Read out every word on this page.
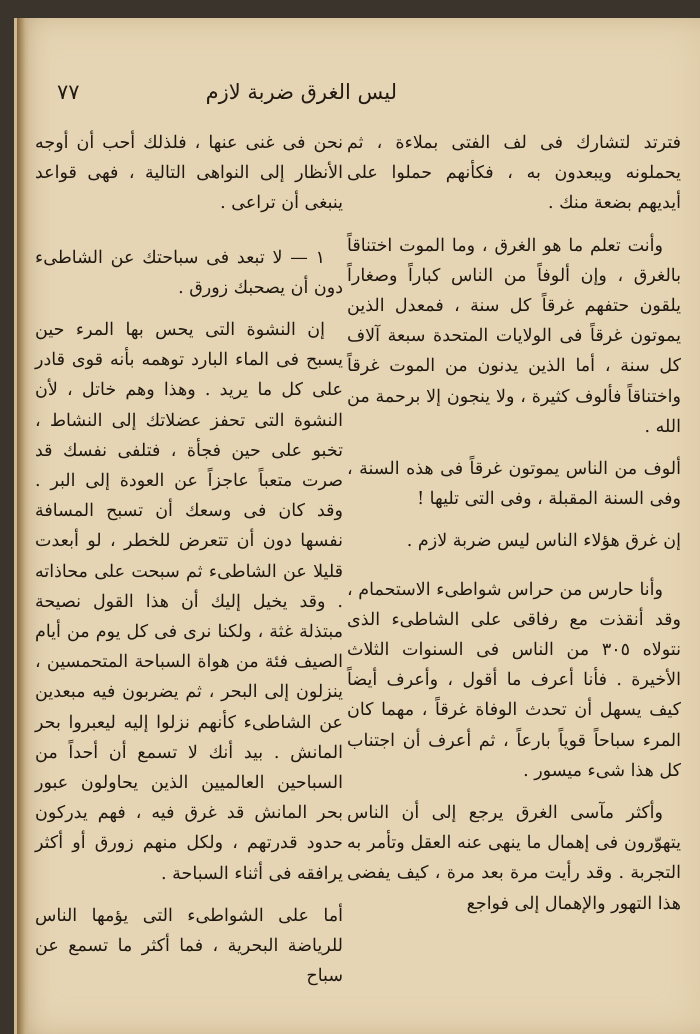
ليس الغرق ضربة لازم
٧٧

فترتد لتشارك فى لف الفتى بملاءة ، ثم يحملونه ويبعدون به ، فكأنهم حملوا على أيديهم بضعة منك .

وأنت تعلم ما هو الغرق ، وما الموت اختناقاً بالغرق ، وإن ألوفاً من الناس كباراً وصغاراً يلقون حتفهم غرقاً كل سنة ، فمعدل الذين يموتون غرقاً فى الولايات المتحدة سبعة آلاف كل سنة ، أما الذين يدنون من الموت غرقاً واختناقاً فألوف كثيرة ، ولا ينجون إلا برحمة من الله .

ألوف من الناس يموتون غرقاً فى هذه السنة ، وفى السنة المقبلة ، وفى التى تليها !

إن غرق هؤلاء الناس ليس ضربة لازم .

وأنا حارس من حراس شواطىء الاستحمام ، وقد أنقذت مع رفاقى على الشاطىء الذى نتولاه ٣٠٥ من الناس فى السنوات الثلاث الأخيرة . فأنا أعرف ما أقول ، وأعرف أيضاً كيف يسهل أن تحدث الوفاة غرقاً ، مهما كان المرء سباحاً قوياً بارعاً ، ثم أعرف أن اجتناب كل هذا شىء ميسور .

وأكثر مآسى الغرق يرجع إلى أن الناس يتهوّرون فى إهمال ما ينهى عنه العقل وتأمر به التجربة . وقد رأيت مرة بعد مرة ، كيف يفضى هذا التهور والإهمال إلى فواجع

نحن فى غنى عنها ، فلذلك أحب أن أوجه الأنظار إلى النواهى التالية ، فهى قواعد ينبغى أن تراعى .

١ — لا تبعد فى سباحتك عن الشاطىء دون أن يصحبك زورق .

إن النشوة التى يحس بها المرء حين يسبح فى الماء البارد توهمه بأنه قوى قادر على كل ما يريد . وهذا وهم خاتل ، لأن النشوة التى تحفز عضلاتك إلى النشاط ، تخبو على حين فجأة ، فتلفى نفسك قد صرت متعباً عاجزاً عن العودة إلى البر . وقد كان فى وسعك أن تسبح المسافة نفسها دون أن تتعرض للخطر ، لو أبعدت قليلا عن الشاطىء ثم سبحت على محاذاته . وقد يخيل إليك أن هذا القول نصيحة مبتذلة غثة ، ولكنا نرى فى كل يوم من أيام الصيف فئة من هواة السباحة المتحمسين ، ينزلون إلى البحر ، ثم يضربون فيه مبعدين عن الشاطىء كأنهم نزلوا إليه ليعبروا بحر المانش . بيد أنك لا تسمع أن أحداً من السباحين العالميين الذين يحاولون عبور بحر المانش قد غرق فيه ، فهم يدركون حدود قدرتهم ، ولكل منهم زورق أو أكثر يرافقه فى أثناء السباحة .

أما على الشواطىء التى يؤمها الناس للرياضة البحرية ، فما أكثر ما تسمع عن سباح
